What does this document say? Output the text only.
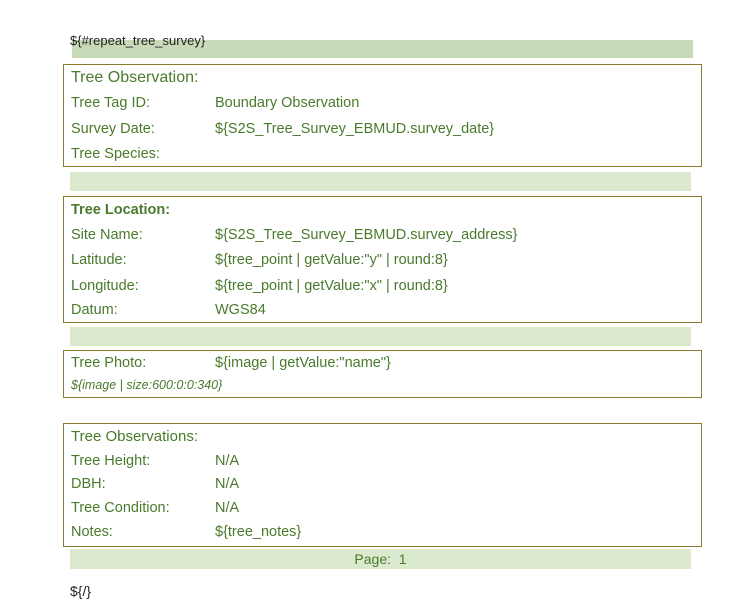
${#repeat_tree_survey}
Tree Observation:
Tree Tag ID:	Boundary Observation
Survey Date:	${S2S_Tree_Survey_EBMUD.survey_date}
Tree Species:
Tree Location:
Site Name:	${S2S_Tree_Survey_EBMUD.survey_address}
Latitude:	${tree_point | getValue:"y" | round:8}
Longitude:	${tree_point | getValue:"x" | round:8}
Datum:	WGS84
Tree Photo:	${image | getValue:"name"}
${image | size:600:0:0:340}
Tree Observations:
Tree Height:	N/A
DBH:	N/A
Tree Condition:	N/A
Notes:	${tree_notes}
Page: 1
${/}
